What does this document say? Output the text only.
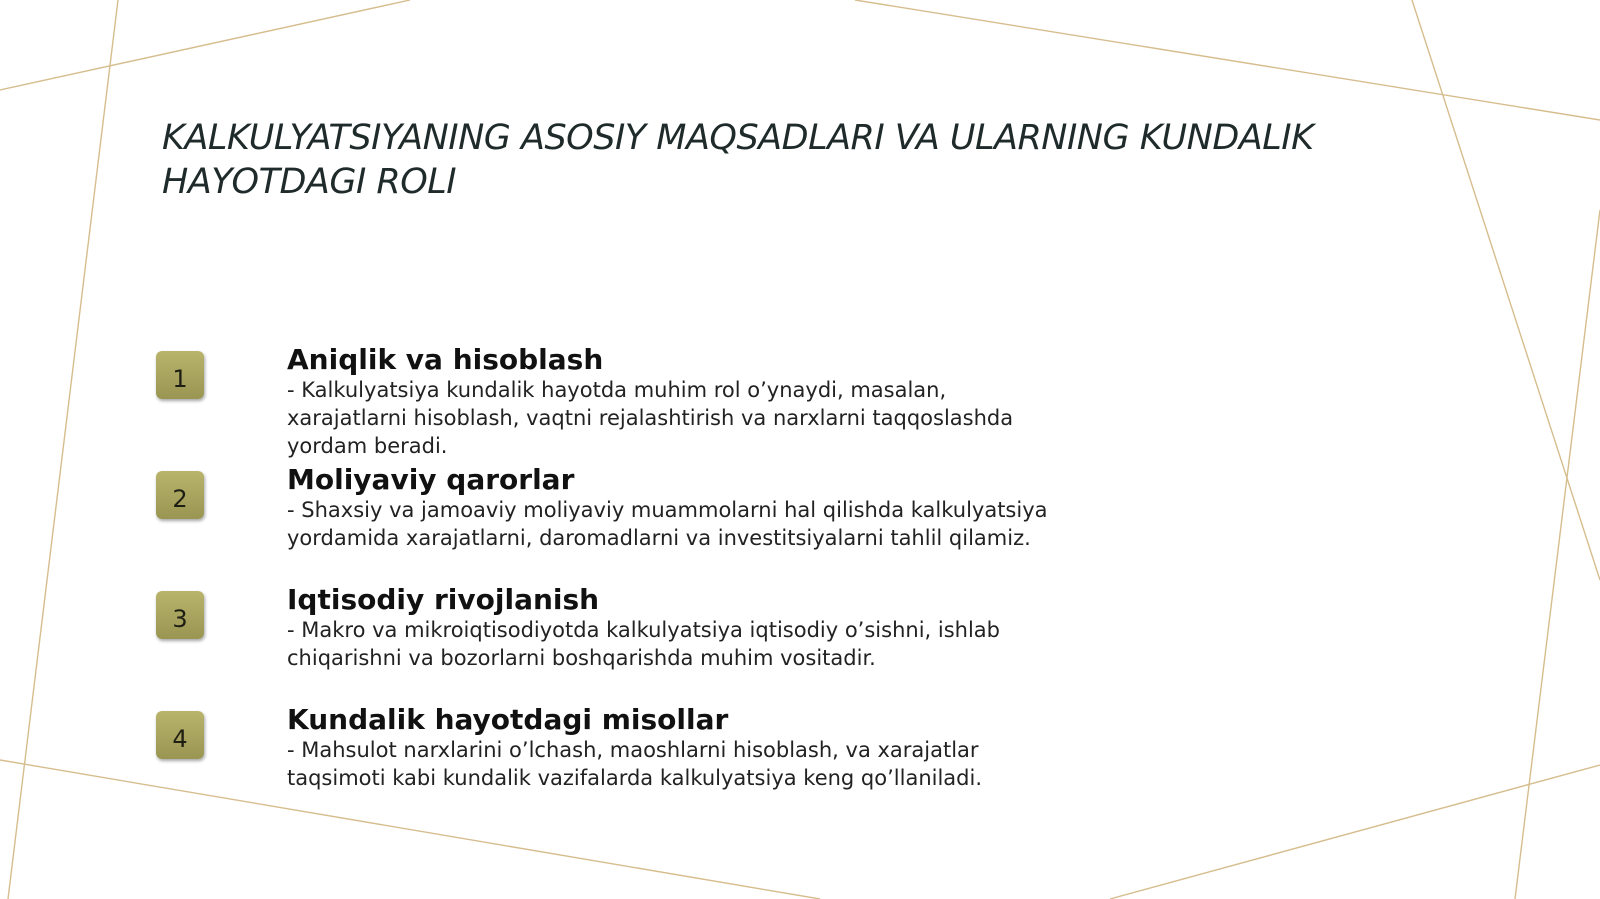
KALKULYATSIYANING ASOSIY MAQSADLARI VA ULARNING KUNDALIK HAYOTDAGI ROLI
1
Aniqlik va hisoblash

- Kalkulyatsiya kundalik hayotda muhim rol o’ynaydi, masalan,
xarajatlarni hisoblash, vaqtni rejalashtirish va narxlarni taqqoslashda
yordam beradi.

2
Moliyaviy qarorlar

- Shaxsiy va jamoaviy moliyaviy muammolarni hal qilishda kalkulyatsiya
yordamida xarajatlarni, daromadlarni va investitsiyalarni tahlil qilamiz.

3
Iqtisodiy rivojlanish

- Makro va mikroiqtisodiyotda kalkulyatsiya iqtisodiy o’sishni, ishlab
chiqarishni va bozorlarni boshqarishda muhim vositadir.

4
Kundalik hayotdagi misollar

- Mahsulot narxlarini o’lchash, maoshlarni hisoblash, va xarajatlar
taqsimoti kabi kundalik vazifalarda kalkulyatsiya keng qo’llaniladi.
